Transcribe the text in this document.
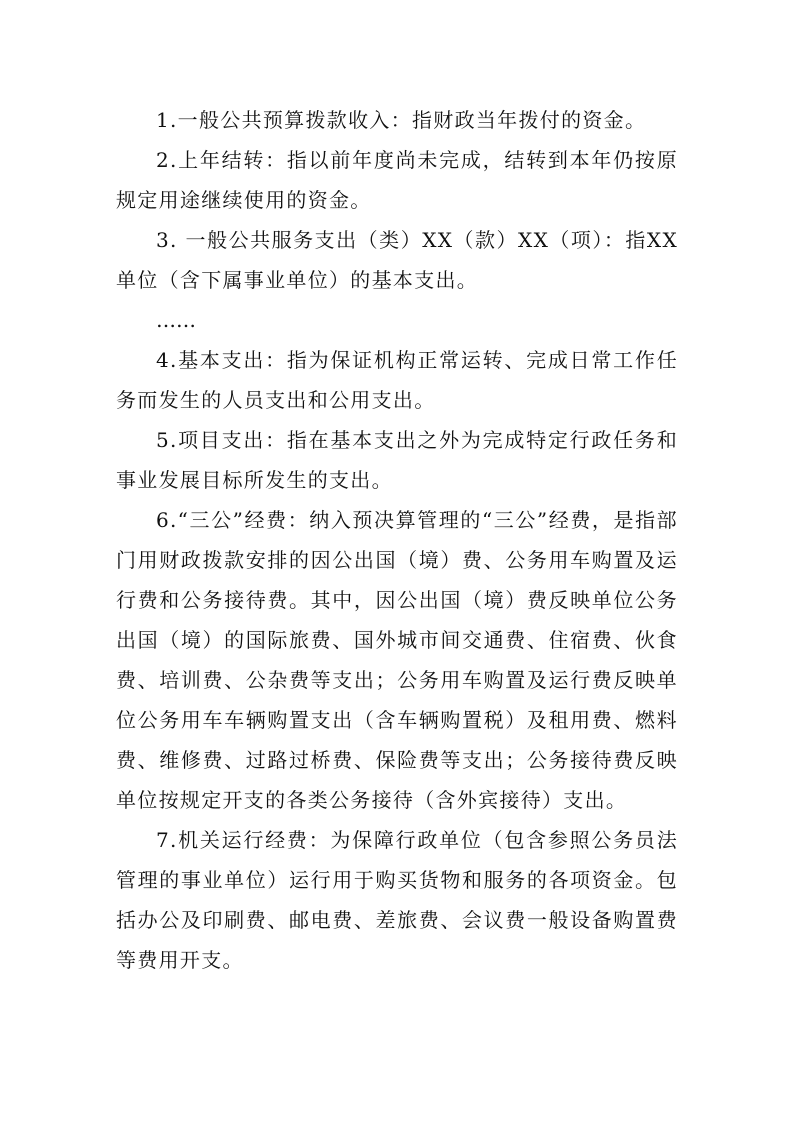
1.一般公共预算拨款收入：指财政当年拨付的资金。

2.上年结转：指以前年度尚未完成，结转到本年仍按原规定用途继续使用的资金。

3. 一般公共服务支出（类）XX（款）XX（项）：指XX单位（含下属事业单位）的基本支出。

……

4.基本支出：指为保证机构正常运转、完成日常工作任务而发生的人员支出和公用支出。

5.项目支出：指在基本支出之外为完成特定行政任务和事业发展目标所发生的支出。

6.“三公”经费：纳入预决算管理的“三公”经费，是指部门用财政拨款安排的因公出国（境）费、公务用车购置及运行费和公务接待费。其中，因公出国（境）费反映单位公务出国（境）的国际旅费、国外城市间交通费、住宿费、伙食费、培训费、公杂费等支出；公务用车购置及运行费反映单位公务用车车辆购置支出（含车辆购置税）及租用费、燃料费、维修费、过路过桥费、保险费等支出；公务接待费反映单位按规定开支的各类公务接待（含外宾接待）支出。

7.机关运行经费：为保障行政单位（包含参照公务员法管理的事业单位）运行用于购买货物和服务的各项资金。包括办公及印刷费、邮电费、差旅费、会议费一般设备购置费等费用开支。
